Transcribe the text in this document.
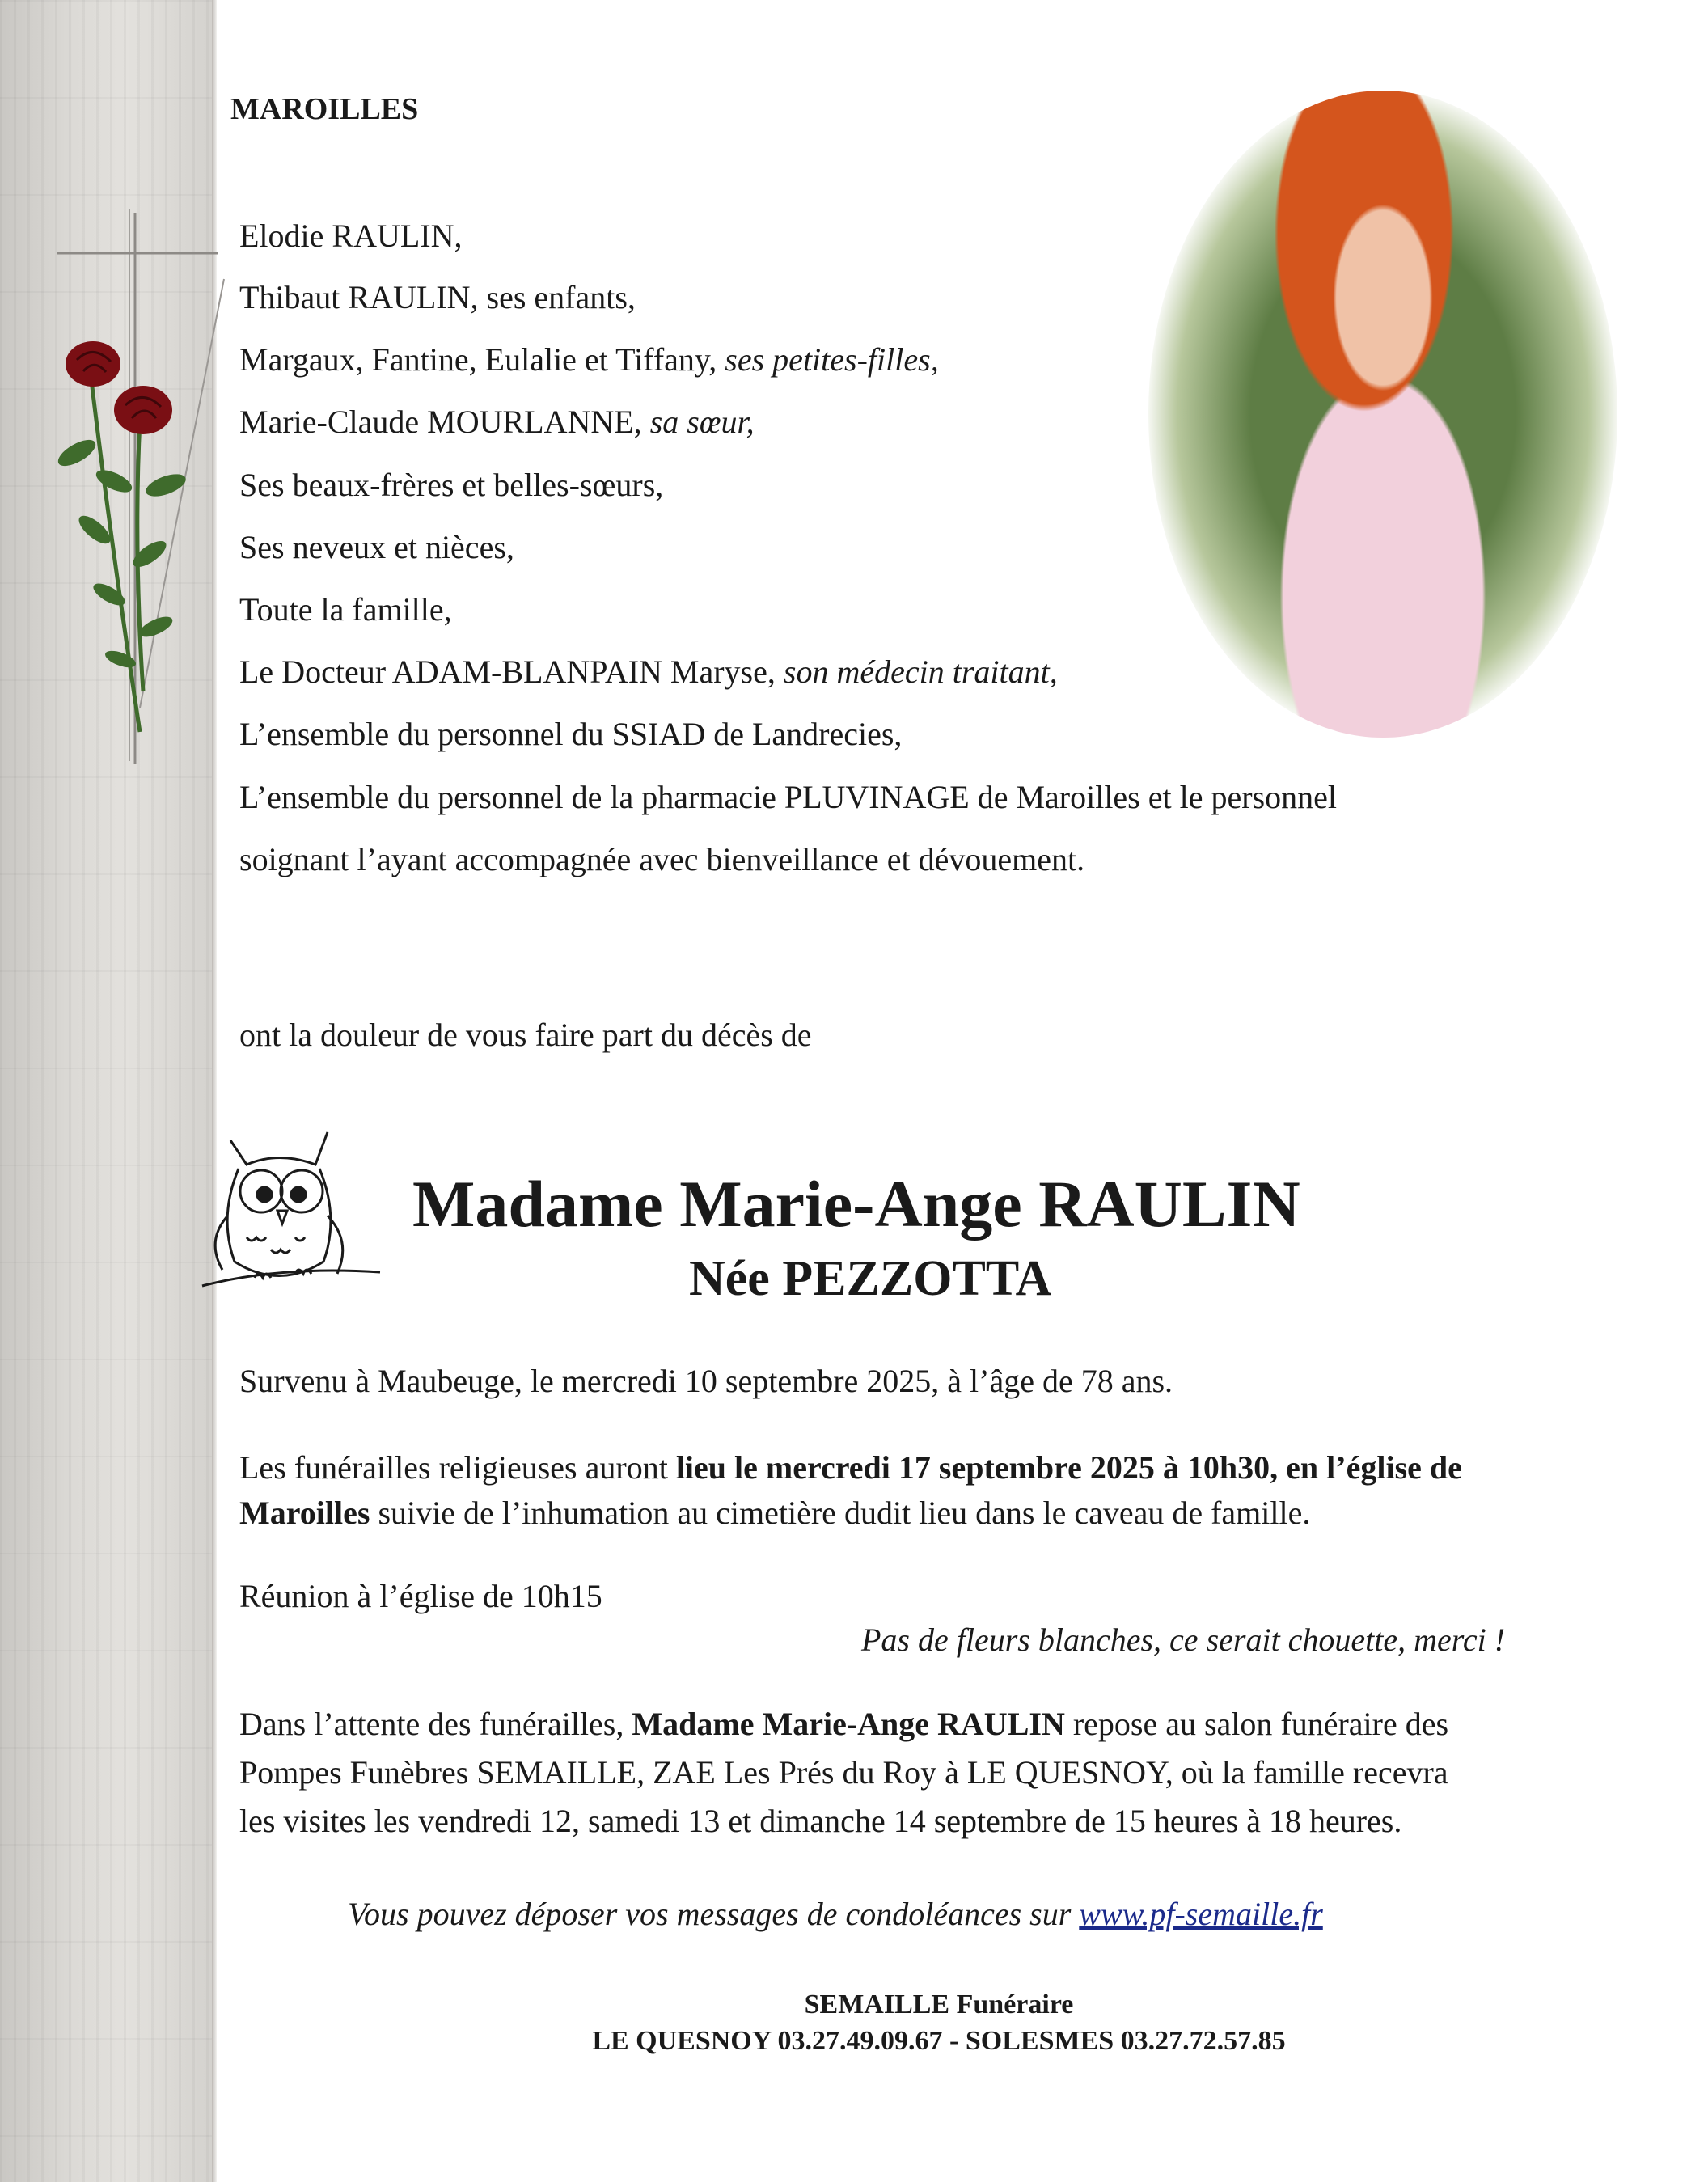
MAROILLES
Elodie RAULIN,
Thibaut RAULIN, ses enfants,
Margaux, Fantine, Eulalie et Tiffany, ses petites-filles,
Marie-Claude MOURLANNE, sa sœur,
Ses beaux-frères et belles-sœurs,
Ses neveux et nièces,
Toute la famille,
Le Docteur ADAM-BLANPAIN Maryse, son médecin traitant,
L’ensemble du personnel du SSIAD de Landrecies,
L’ensemble du personnel de la pharmacie PLUVINAGE de Maroilles et le personnel
soignant l’ayant accompagnée avec bienveillance et dévouement.
ont la douleur de vous faire part du décès de
Madame Marie-Ange RAULIN
Née PEZZOTTA
Survenu à Maubeuge, le mercredi 10 septembre 2025, à l’âge de 78 ans.
Les funérailles religieuses auront lieu le mercredi 17 septembre 2025 à 10h30, en l’église de
Maroilles suivie de l’inhumation au cimetière dudit lieu dans le caveau de famille.
Réunion à l’église de 10h15
Pas de fleurs blanches, ce serait chouette, merci !
Dans l’attente des funérailles, Madame Marie-Ange RAULIN repose au salon funéraire des
Pompes Funèbres SEMAILLE, ZAE Les Prés du Roy à LE QUESNOY, où la famille recevra
les visites les vendredi 12, samedi 13 et dimanche 14 septembre de 15 heures à 18 heures.
Vous pouvez déposer vos messages de condoléances sur www.pf-semaille.fr
SEMAILLE Funéraire
LE QUESNOY 03.27.49.09.67 - SOLESMES 03.27.72.57.85
